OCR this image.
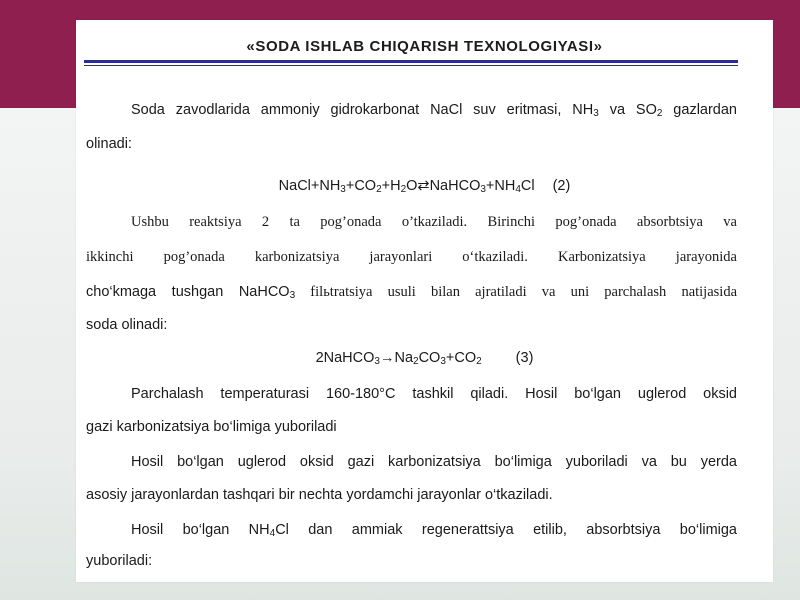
«SODA ISHLAB CHIQARISH TEXNOLOGIYASI»
Soda zavodlarida ammoniy gidrokarbonat NaCl suv eritmasi, $NH_3$ va $SO_2$ gazlardan
olinadi:
$NaCl+NH_3+CO_2+H_2O⇄NaHCO_3+NH_4Cl$ (2)
Ushbu reaktsiya 2 ta pog’onada o’tkaziladi. Birinchi pog’onada absorbtsiya va
ikkinchi pog’onada karbonizatsiya jarayonlari o‘tkaziladi. Karbonizatsiya jarayonida
cho‘kmaga tushgan NaHCO$_3$ filьtratsiya usuli bilan ajratiladi va uni parchalash natijasida
soda olinadi:
$2NaHCO_3\to Na_2CO_3+CO_2$ (3)
Parchalash temperaturasi 160-180°C tashkil qiladi. Hosil bo‘lgan uglerod oksid
gazi karbonizatsiya bo‘limiga yuboriladi
Hosil bo‘lgan uglerod oksid gazi karbonizatsiya bo‘limiga yuboriladi va bu yerda
asosiy jarayonlardan tashqari bir nechta yordamchi jarayonlar o‘tkaziladi.
Hosil bo‘lgan $NH_4Cl$ dan ammiak regenerattsiya etilib, absorbtsiya bo‘limiga
yuboriladi:
